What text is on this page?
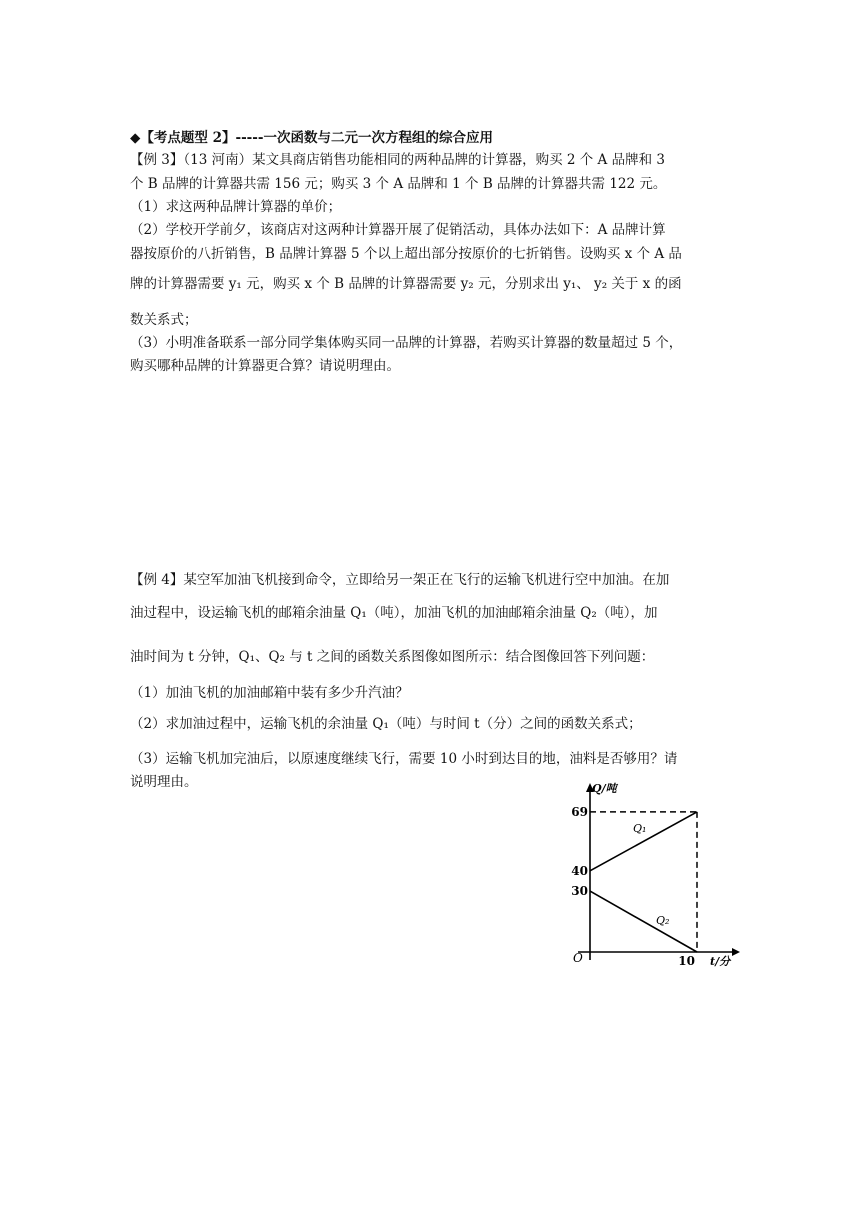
◆【考点题型 2】-----一次函数与二元一次方程组的综合应用
【例 3】（13 河南）某文具商店销售功能相同的两种品牌的计算器，购买 2 个 A 品牌和 3
个 B 品牌的计算器共需 156 元；购买 3 个 A 品牌和 1 个 B 品牌的计算器共需 122 元。
（1）求这两种品牌计算器的单价；
（2）学校开学前夕，该商店对这两种计算器开展了促销活动，具体办法如下：A 品牌计算
器按原价的八折销售，B 品牌计算器 5 个以上超出部分按原价的七折销售。设购买 x 个 A 品
牌的计算器需要 y₁ 元，购买 x 个 B 品牌的计算器需要 y₂ 元，分别求出 y₁、 y₂ 关于 x 的函
数关系式；
（3）小明准备联系一部分同学集体购买同一品牌的计算器，若购买计算器的数量超过 5 个，
购买哪种品牌的计算器更合算？请说明理由。
【例 4】某空军加油飞机接到命令，立即给另一架正在飞行的运输飞机进行空中加油。在加
油过程中，设运输飞机的邮箱余油量 Q₁（吨），加油飞机的加油邮箱余油量 Q₂（吨），加
油时间为 t 分钟，Q₁、Q₂ 与 t 之间的函数关系图像如图所示：结合图像回答下列问题：
（1）加油飞机的加油邮箱中装有多少升汽油？
（2）求加油过程中，运输飞机的余油量 Q₁（吨）与时间 t（分）之间的函数关系式；
（3）运输飞机加完油后，以原速度继续飞行，需要 10 小时到达目的地，油料是否够用？请
说明理由。	Q/吨
t/分
O
Q₁
Q₂
69
40
30
10
